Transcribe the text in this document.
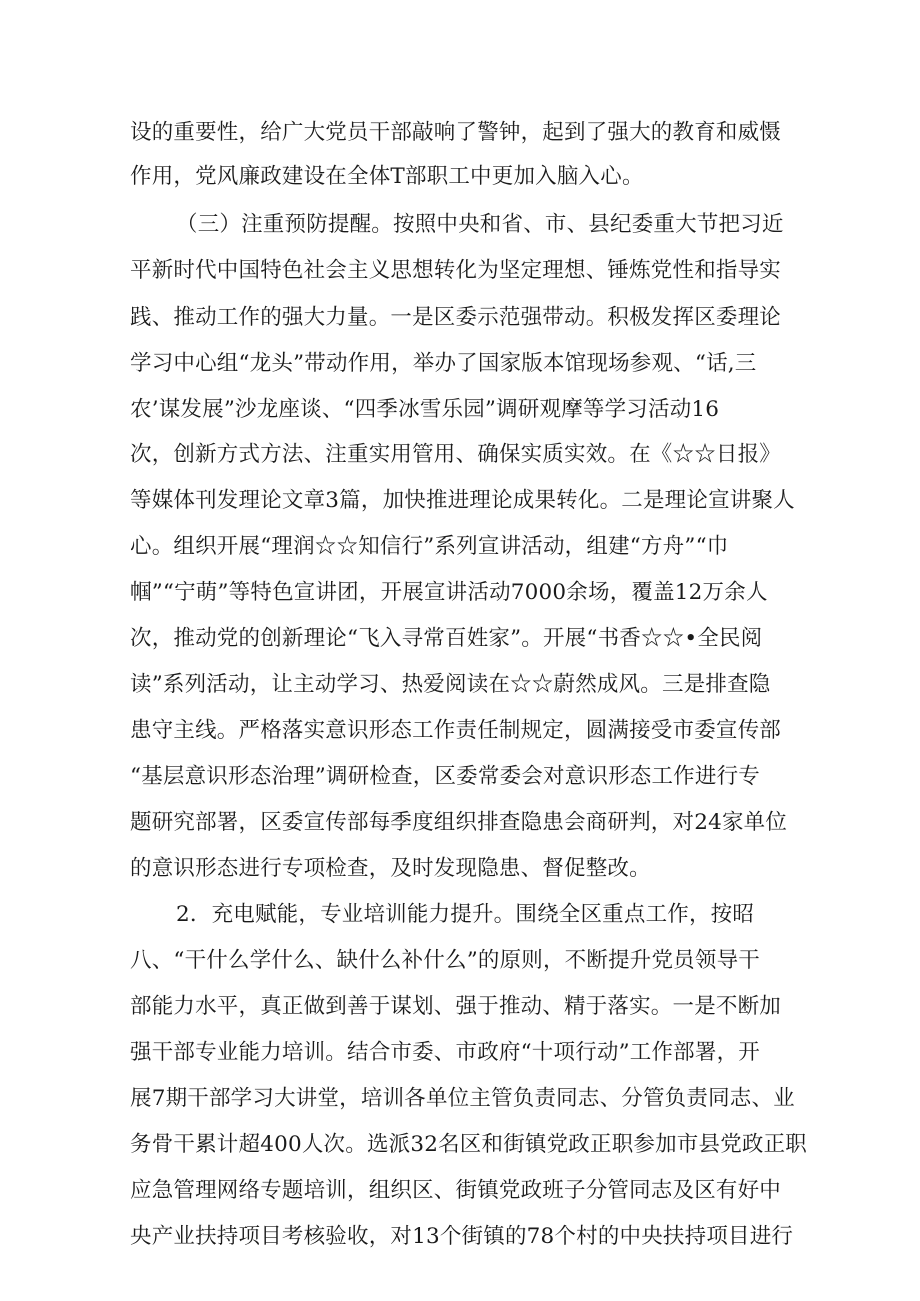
设的重要性，给广大党员干部敲响了警钟，起到了强大的教育和威慑
作用，党风廉政建设在全体T部职工中更加入脑入心。
（三）注重预防提醒。按照中央和省、市、县纪委重大节把习近
平新时代中国特色社会主义思想转化为坚定理想、锤炼党性和指导实
践、推动工作的强大力量。一是区委示范强带动。积极发挥区委理论
学习中心组“龙头”带动作用，举办了国家版本馆现场参观、“话,三
农’谋发展”沙龙座谈、“四季冰雪乐园”调研观摩等学习活动16
次，创新方式方法、注重实用管用、确保实质实效。在《☆☆日报》
等媒体刊发理论文章3篇，加快推进理论成果转化。二是理论宣讲聚人
心。组织开展“理润☆☆知信行”系列宣讲活动，组建“方舟”“巾
帼”“宁萌”等特色宣讲团，开展宣讲活动7000余场，覆盖12万余人
次，推动党的创新理论“飞入寻常百姓家”。开展“书香☆☆•全民阅
读”系列活动，让主动学习、热爱阅读在☆☆蔚然成风。三是排查隐
患守主线。严格落实意识形态工作责任制规定，圆满接受市委宣传部
“基层意识形态治理”调研检查，区委常委会对意识形态工作进行专
题研究部署，区委宣传部每季度组织排查隐患会商研判，对24家单位
的意识形态进行专项检查，及时发现隐患、督促整改。
2．充电赋能，专业培训能力提升。围绕全区重点工作，按昭
八、“干什么学什么、缺什么补什么”的原则，不断提升党员领导干
部能力水平，真正做到善于谋划、强于推动、精于落实。一是不断加
强干部专业能力培训。结合市委、市政府“十项行动”工作部署，开
展7期干部学习大讲堂，培训各单位主管负责同志、分管负责同志、业
务骨干累计超400人次。选派32名区和街镇党政正职参加市县党政正职
应急管理网络专题培训，组织区、街镇党政班子分管同志及区有好中
央产业扶持项目考核验收，对13个街镇的78个村的中央扶持项目进行
